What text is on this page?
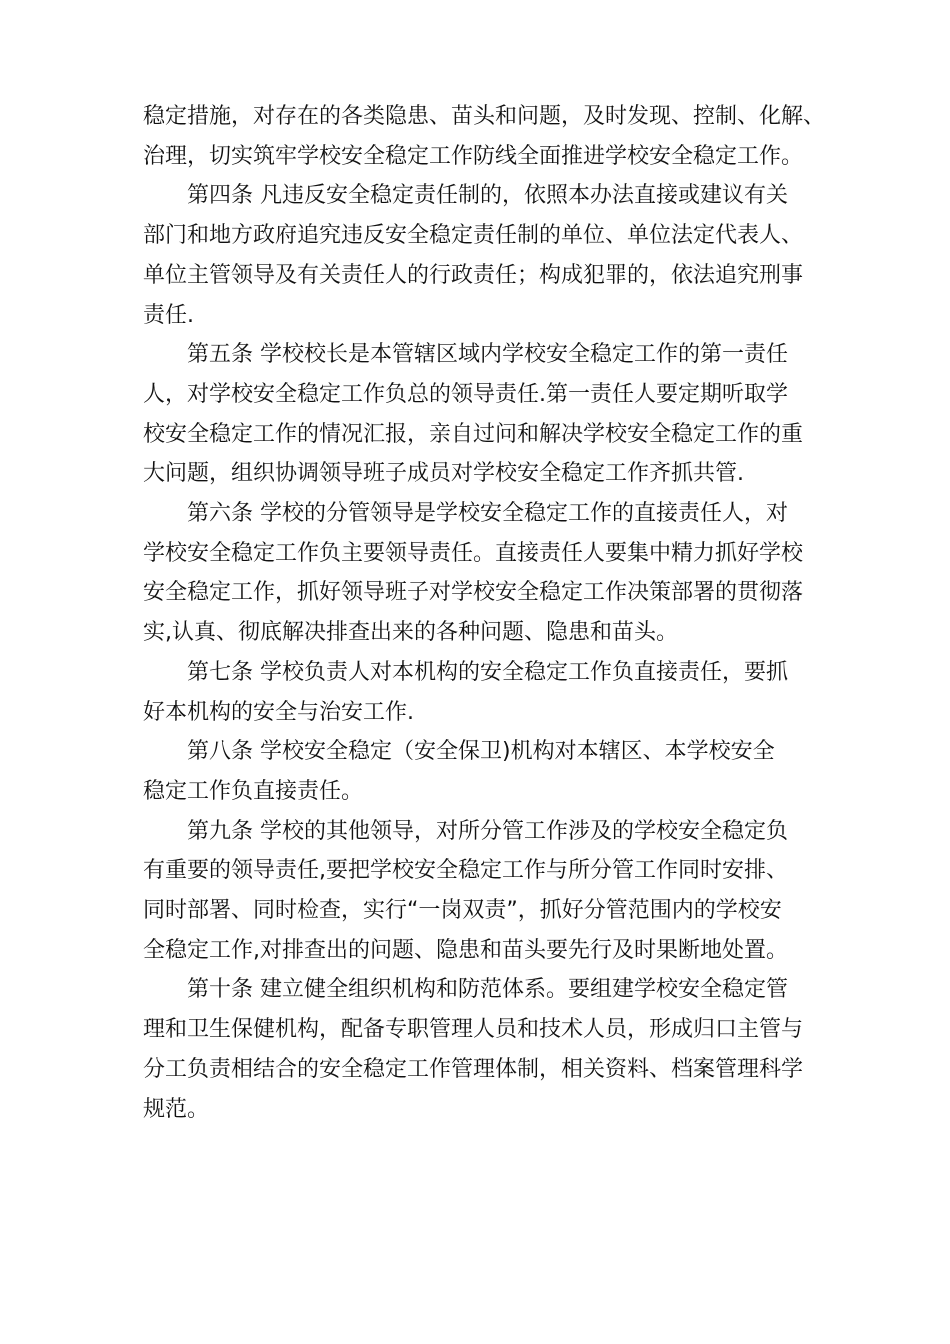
稳定措施，对存在的各类隐患、苗头和问题，及时发现、控制、化解、
治理，切实筑牢学校安全稳定工作防线全面推进学校安全稳定工作。

第四条 凡违反安全稳定责任制的，依照本办法直接或建议有关
部门和地方政府追究违反安全稳定责任制的单位、单位法定代表人、
单位主管领导及有关责任人的行政责任；构成犯罪的，依法追究刑事
责任.

第五条 学校校长是本管辖区域内学校安全稳定工作的第一责任
人，对学校安全稳定工作负总的领导责任.第一责任人要定期听取学
校安全稳定工作的情况汇报，亲自过问和解决学校安全稳定工作的重
大问题，组织协调领导班子成员对学校安全稳定工作齐抓共管.

第六条 学校的分管领导是学校安全稳定工作的直接责任人，对
学校安全稳定工作负主要领导责任。直接责任人要集中精力抓好学校
安全稳定工作，抓好领导班子对学校安全稳定工作决策部署的贯彻落
实,认真、彻底解决排查出来的各种问题、隐患和苗头。

第七条 学校负责人对本机构的安全稳定工作负直接责任，要抓
好本机构的安全与治安工作.

第八条 学校安全稳定（安全保卫)机构对本辖区、本学校安全
稳定工作负直接责任。

第九条 学校的其他领导，对所分管工作涉及的学校安全稳定负
有重要的领导责任,要把学校安全稳定工作与所分管工作同时安排、
同时部署、同时检查，实行“一岗双责”，抓好分管范围内的学校安
全稳定工作,对排查出的问题、隐患和苗头要先行及时果断地处置。

第十条 建立健全组织机构和防范体系。要组建学校安全稳定管
理和卫生保健机构，配备专职管理人员和技术人员，形成归口主管与
分工负责相结合的安全稳定工作管理体制，相关资料、档案管理科学
规范。
